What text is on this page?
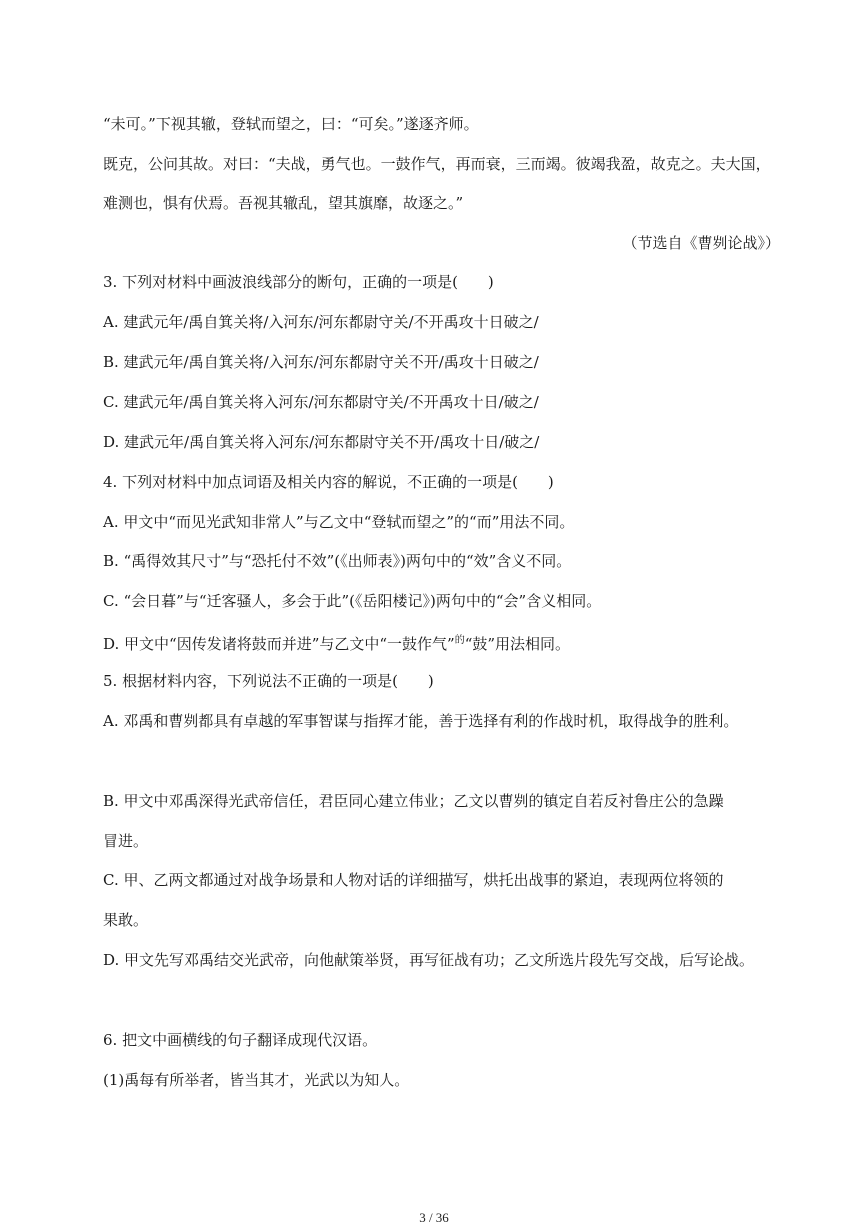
“未可。”下视其辙，登轼而望之，曰：“可矣。”遂逐齐师。
既克，公问其故。对曰：“夫战，勇气也。一鼓作气，再而衰，三而竭。彼竭我盈，故克之。夫大国，
难测也，惧有伏焉。吾视其辙乱，望其旗靡，故逐之。”
（节选自《曹刿论战》）
3. 下列对材料中画波浪线部分的断句，正确的一项是(　　)
A. 建武元年/禹自箕关将/入河东/河东都尉守关/不开禹攻十日破之/
B. 建武元年/禹自箕关将/入河东/河东都尉守关不开/禹攻十日破之/
C. 建武元年/禹自箕关将入河东/河东都尉守关/不开禹攻十日/破之/
D. 建武元年/禹自箕关将入河东/河东都尉守关不开/禹攻十日/破之/
4. 下列对材料中加点词语及相关内容的解说，不正确的一项是(　　)
A. 甲文中“而见光武知非常人”与乙文中“登轼而望之”的“而”用法不同。
B. “禹得效其尺寸”与“恐托付不效”(《出师表》)两句中的“效”含义不同。
C. “会日暮”与“迁客骚人，多会于此”(《岳阳楼记》)两句中的“会”含义相同。
D. 甲文中“因传发诸将鼓而并进”与乙文中“一鼓作气”$^的$“鼓”用法相同。
5. 根据材料内容，下列说法不正确的一项是(　　)
A. 邓禹和曹刿都具有卓越的军事智谋与指挥才能，善于选择有利的作战时机，取得战争的胜利。
B. 甲文中邓禹深得光武帝信任，君臣同心建立伟业；乙文以曹刿的镇定自若反衬鲁庄公的急躁
冒进。
C. 甲、乙两文都通过对战争场景和人物对话的详细描写，烘托出战事的紧迫，表现两位将领的
果敢。
D. 甲文先写邓禹结交光武帝，向他献策举贤，再写征战有功；乙文所选片段先写交战，后写论战。
6. 把文中画横线的句子翻译成现代汉语。
(1)禹每有所举者，皆当其才，光武以为知人。
3 / 36
